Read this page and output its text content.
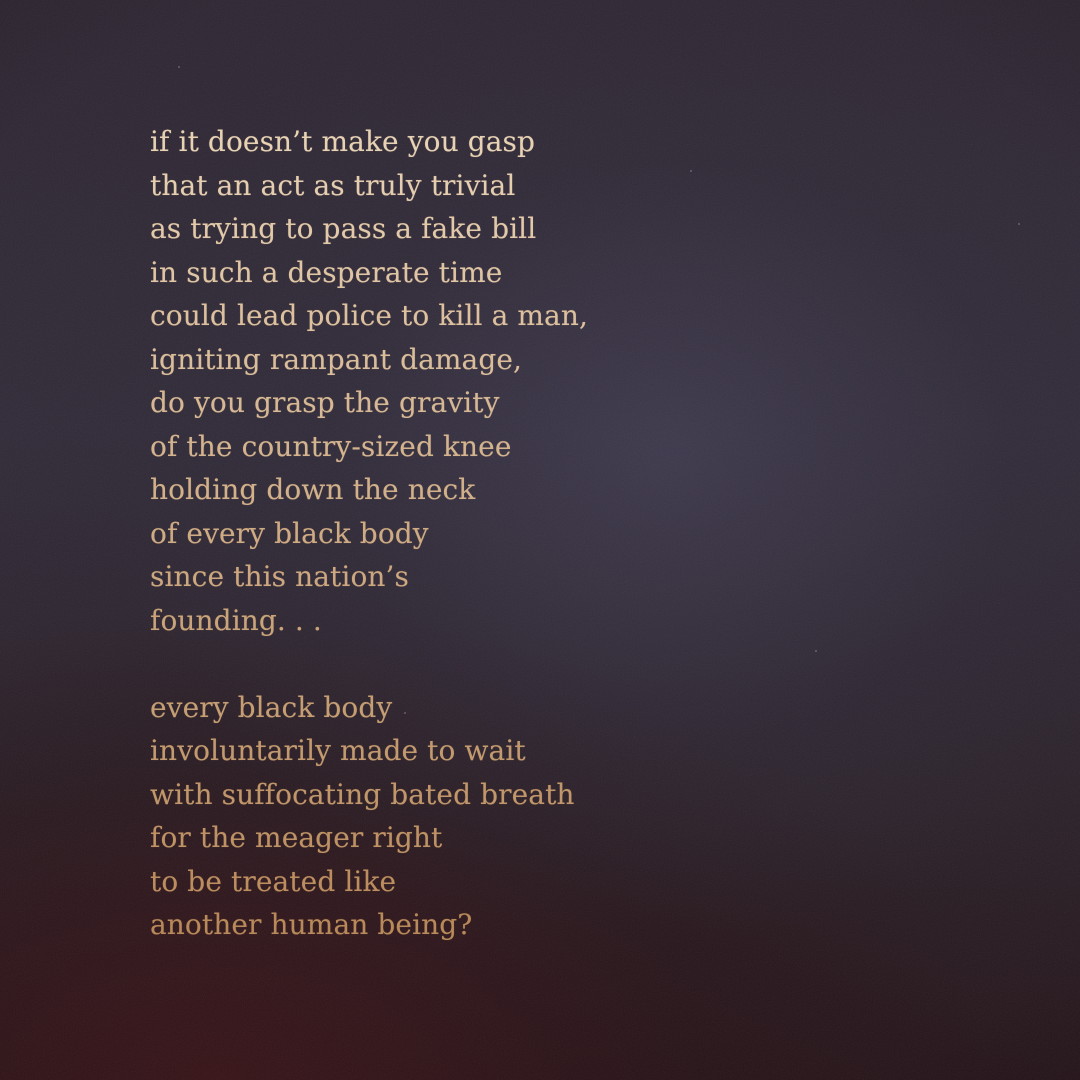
if it doesn’t make you gasp
that an act as truly trivial
as trying to pass a fake bill
in such a desperate time
could lead police to kill a man,
igniting rampant damage,
do you grasp the gravity
of the country-sized knee
holding down the neck
of every black body
since this nation’s
founding. . .
every black body
involuntarily made to wait
with suffocating bated breath
for the meager right
to be treated like
another human being?
